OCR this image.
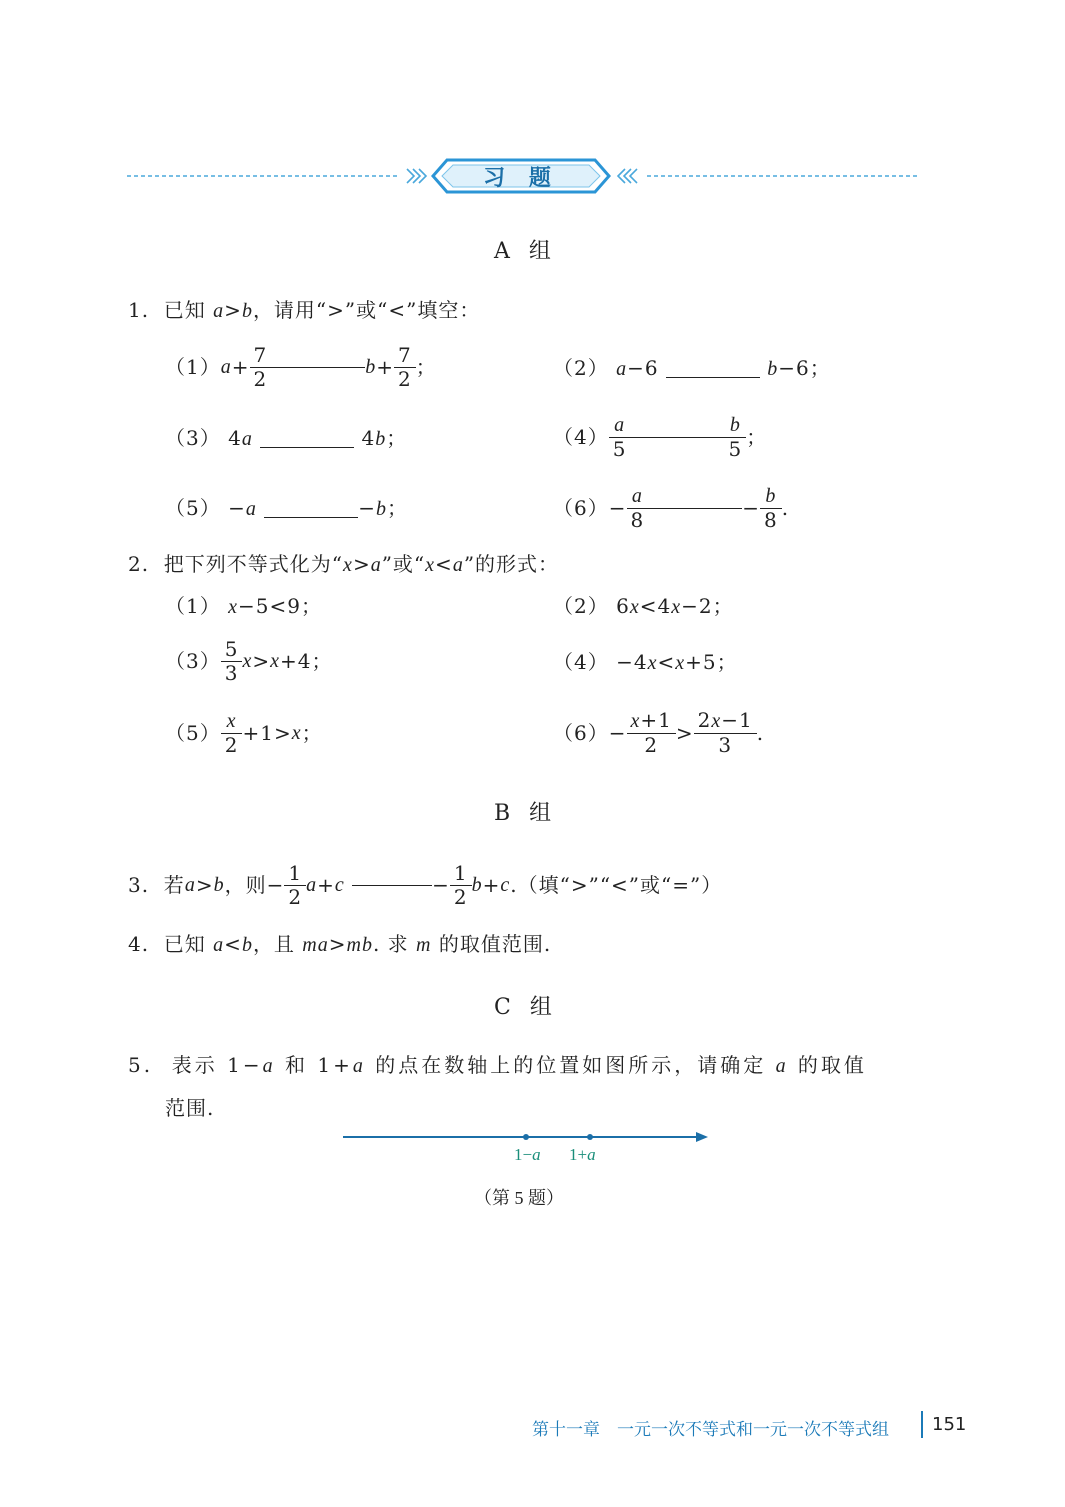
习 题
A 组
1.  已知 a>b，请用“>”或“<”填空：
（1） $a + \frac{7}{2}$	$b + \frac{7}{2}$ ；	（2） a−6	b−6；
（3） 4a	4b；	$(4) \frac{a}{5}$	$\frac{b}{5}$ ；
（5） −a	−b；	$(6) - \frac{a}{8}$	− $\frac{b}{8}$ .
2.  把下列不等式化为“x>a”或“x<a”的形式：
（1） x−5<9；	（2） 6x<4x−2；
$(3) \frac{5}{3}$ x > x +4；	（4） −4x<x+5；
$(5) \frac{x}{2} +1> x$ ；	$(6) - \frac{x+1}{2} > \frac{2x-1}{3}$ .
B 组
3. 若 a > b ，则− $\frac{1}{2}$ a + c
	− $\frac{1}{2}$ b + c .（填“>”“<”或“=”）
4.  已知 a<b，且 ma>mb. 求 m 的取值范围.
C 组
5.  表示 1−a 和 1+a 的点在数轴上的位置如图所示，请确定 a 的取值
范围.
1−a 1+a
（第 5 题）
第十一章　一元一次不等式和一元一次不等式组 151
